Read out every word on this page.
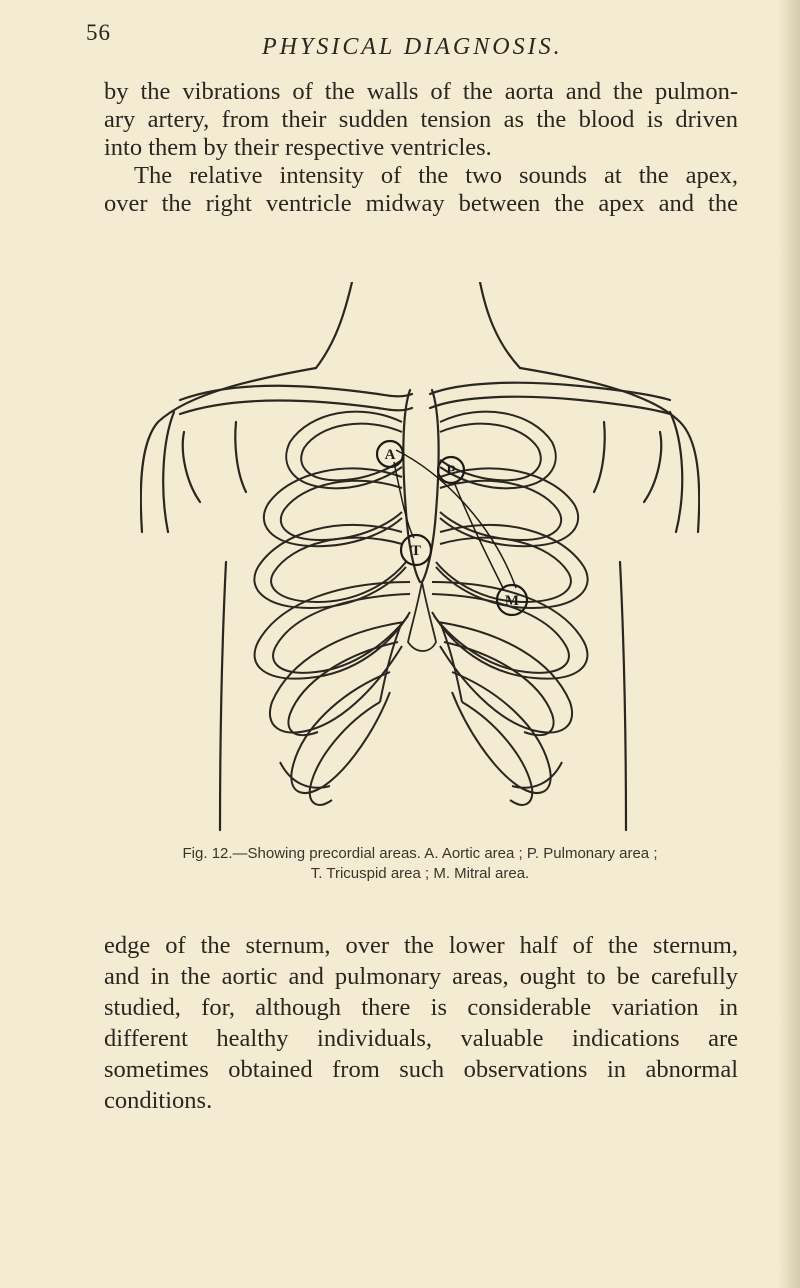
56
PHYSICAL DIAGNOSIS.
by the vibrations of the walls of the aorta and the pulmon-
ary artery, from their sudden tension as the blood is driven
into them by their respective ventricles.
The relative intensity of the two sounds at the apex,
over the right ventricle midway between the apex and the
A
P
T
M
Fig. 12.—Showing precordial areas. A. Aortic area ; P. Pulmonary area ;
T. Tricuspid area ; M. Mitral area.
edge of the sternum, over the lower half of the sternum,
and in the aortic and pulmonary areas, ought to be carefully
studied, for, although there is considerable variation in
different healthy individuals, valuable indications are
sometimes obtained from such observations in abnormal
conditions.
